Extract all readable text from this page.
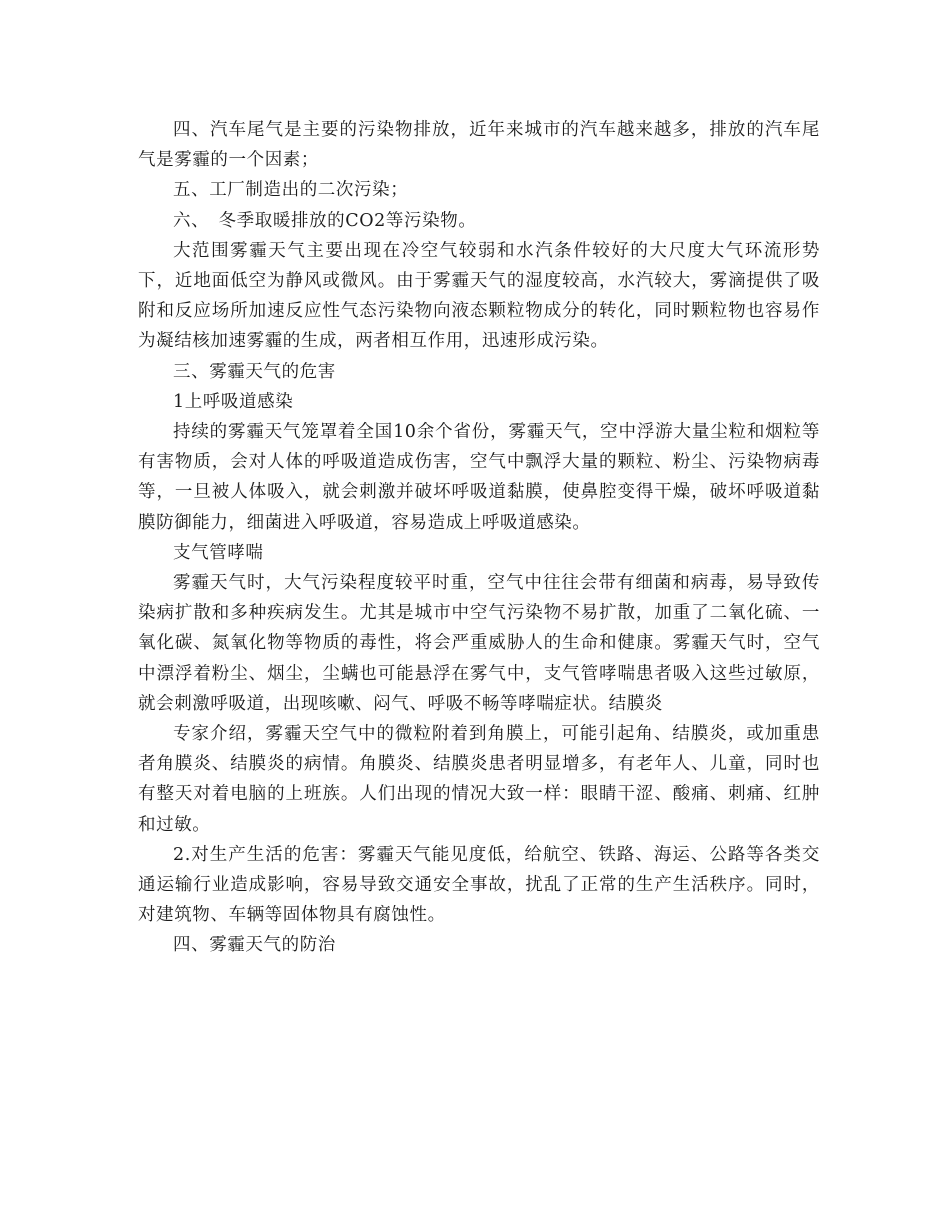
四、汽车尾气是主要的污染物排放，近年来城市的汽车越来越多，排放的汽车尾气是雾霾的一个因素；

五、工厂制造出的二次污染；

六、　冬季取暖排放的CO2等污染物。

大范围雾霾天气主要出现在冷空气较弱和水汽条件较好的大尺度大气环流形势下，近地面低空为静风或微风。由于雾霾天气的湿度较高，水汽较大，雾滴提供了吸附和反应场所加速反应性气态污染物向液态颗粒物成分的转化，同时颗粒物也容易作为凝结核加速雾霾的生成，两者相互作用，迅速形成污染。

三、雾霾天气的危害

1上呼吸道感染

持续的雾霾天气笼罩着全国10余个省份，雾霾天气，空中浮游大量尘粒和烟粒等有害物质，会对人体的呼吸道造成伤害，空气中飘浮大量的颗粒、粉尘、污染物病毒等，一旦被人体吸入，就会刺激并破坏呼吸道黏膜，使鼻腔变得干燥，破坏呼吸道黏膜防御能力，细菌进入呼吸道，容易造成上呼吸道感染。

支气管哮喘

雾霾天气时，大气污染程度较平时重，空气中往往会带有细菌和病毒，易导致传染病扩散和多种疾病发生。尤其是城市中空气污染物不易扩散，加重了二氧化硫、一氧化碳、氮氧化物等物质的毒性，将会严重威胁人的生命和健康。雾霾天气时，空气中漂浮着粉尘、烟尘，尘螨也可能悬浮在雾气中，支气管哮喘患者吸入这些过敏原，就会刺激呼吸道，出现咳嗽、闷气、呼吸不畅等哮喘症状。结膜炎

专家介绍，雾霾天空气中的微粒附着到角膜上，可能引起角、结膜炎，或加重患者角膜炎、结膜炎的病情。角膜炎、结膜炎患者明显增多，有老年人、儿童，同时也有整天对着电脑的上班族。人们出现的情况大致一样：眼睛干涩、酸痛、刺痛、红肿和过敏。

2.对生产生活的危害：雾霾天气能见度低，给航空、铁路、海运、公路等各类交通运输行业造成影响，容易导致交通安全事故，扰乱了正常的生产生活秩序。同时，对建筑物、车辆等固体物具有腐蚀性。

四、雾霾天气的防治
